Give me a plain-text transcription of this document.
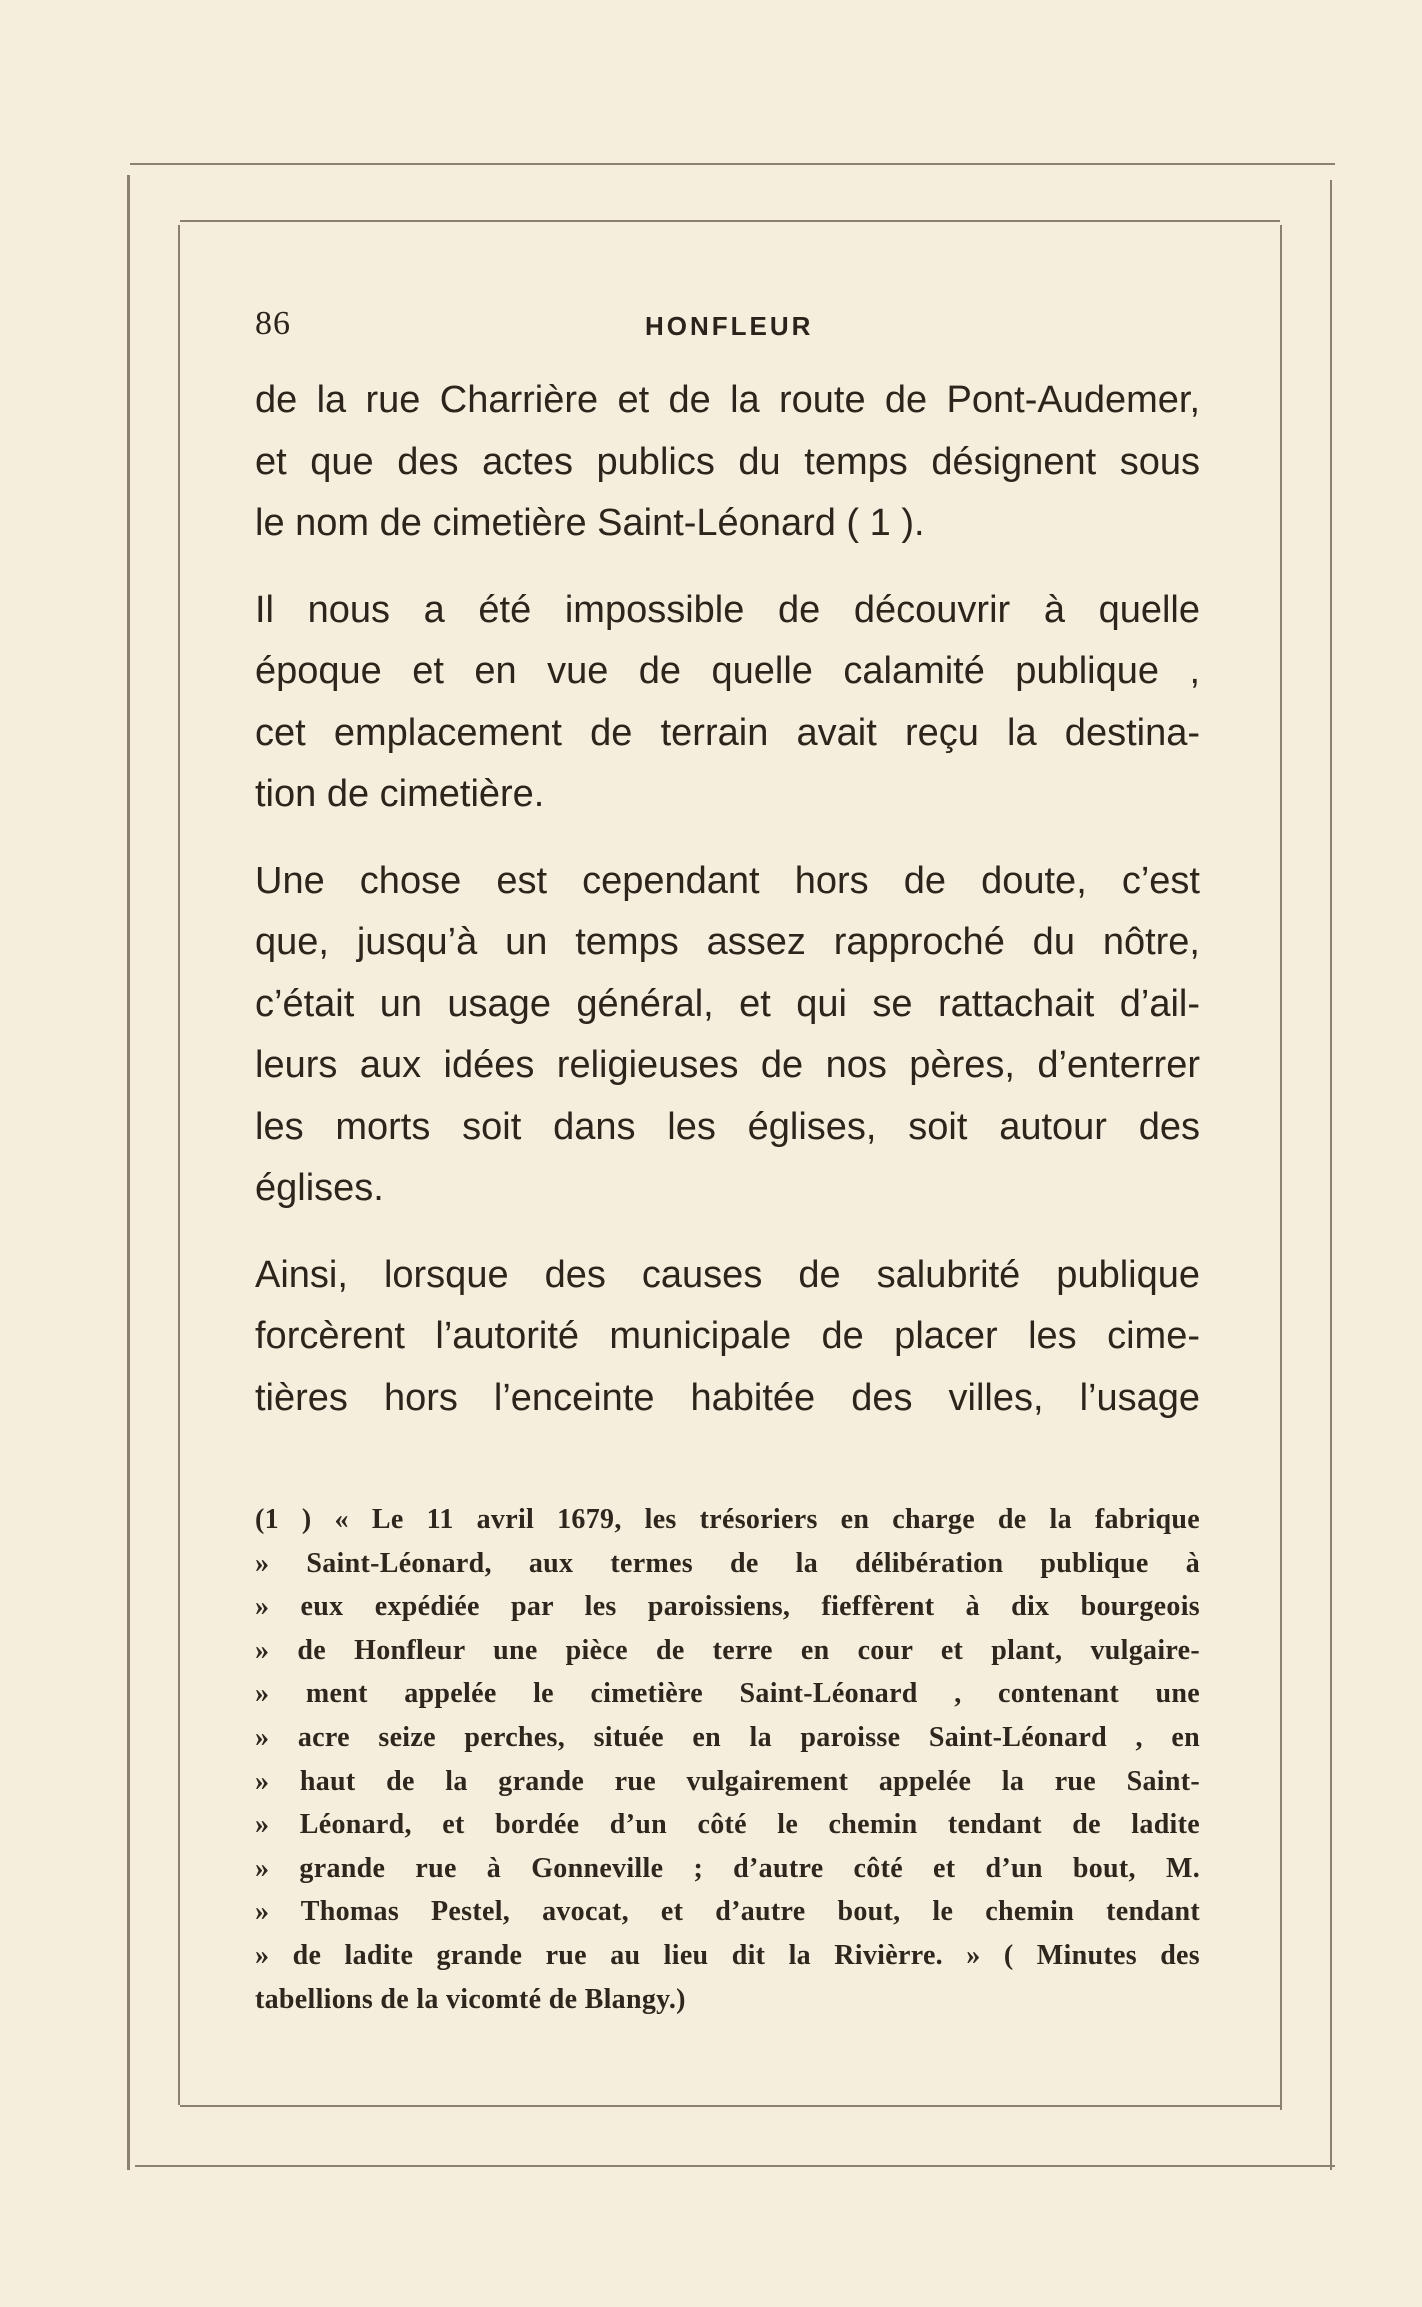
86	HONFLEUR

de la rue Charrière et de la route de Pont-Audemer,
et que des actes publics du temps désignent sous
le nom de cimetière Saint-Léonard ( 1 ).

Il nous a été impossible de découvrir à quelle
époque et en vue de quelle calamité publique ,
cet emplacement de terrain avait reçu la destina-
tion de cimetière.

Une chose est cependant hors de doute, c’est
que, jusqu’à un temps assez rapproché du nôtre,
c’était un usage général, et qui se rattachait d’ail-
leurs aux idées religieuses de nos pères, d’enterrer
les morts soit dans les églises, soit autour des
églises.

Ainsi, lorsque des causes de salubrité publique
forcèrent l’autorité municipale de placer les cime-
tières hors l’enceinte habitée des villes, l’usage

(1 ) « Le 11 avril 1679, les trésoriers en charge de la fabrique
» Saint-Léonard, aux termes de la délibération publique à
» eux expédiée par les paroissiens, fieffèrent à dix bourgeois
» de Honfleur une pièce de terre en cour et plant, vulgaire-
» ment appelée le cimetière Saint-Léonard , contenant une
» acre seize perches, située en la paroisse Saint-Léonard , en
» haut de la grande rue vulgairement appelée la rue Saint-
» Léonard, et bordée d’un côté le chemin tendant de ladite
» grande rue à Gonneville ; d’autre côté et d’un bout, M.
» Thomas Pestel, avocat, et d’autre bout, le chemin tendant
» de ladite grande rue au lieu dit la Rivièrre. » ( Minutes des
tabellions de la vicomté de Blangy.)
